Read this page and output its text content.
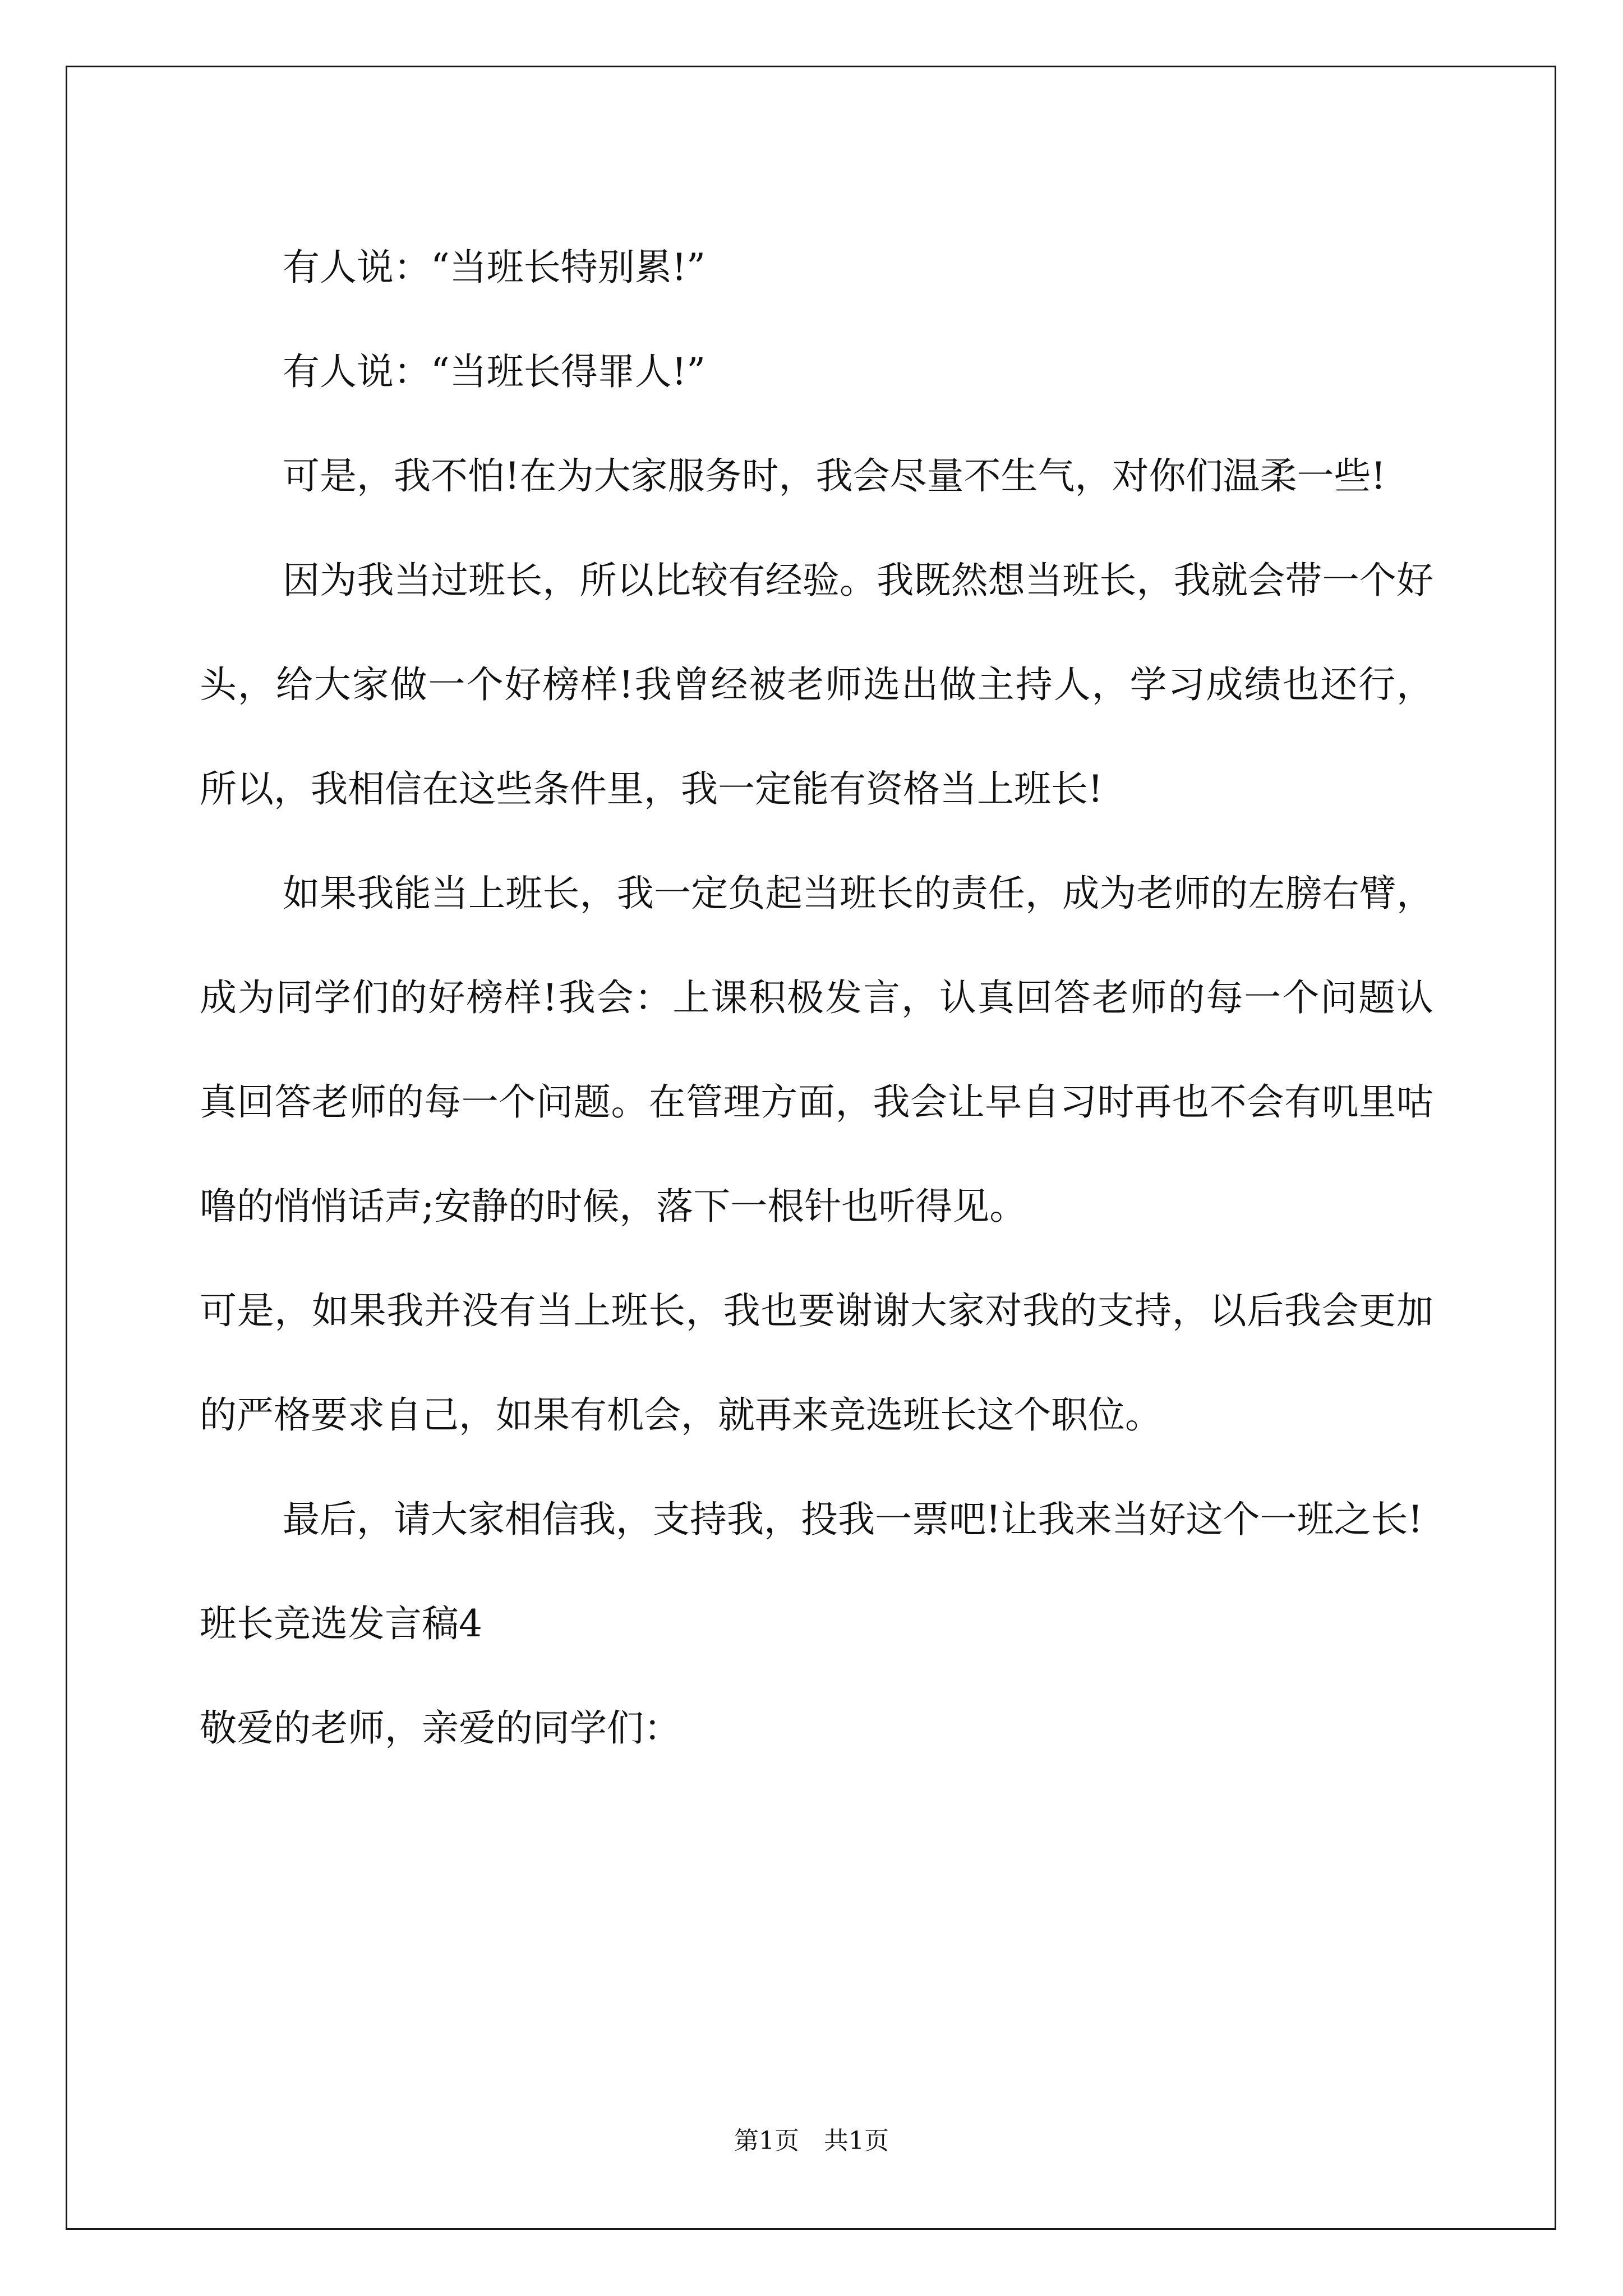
有人说：“当班长特别累!”

有人说：“当班长得罪人!”

可是，我不怕!在为大家服务时，我会尽量不生气，对你们温柔一些!

因为我当过班长，所以比较有经验。我既然想当班长，我就会带一个好头，给大家做一个好榜样!我曾经被老师选出做主持人，学习成绩也还行，所以，我相信在这些条件里，我一定能有资格当上班长!

如果我能当上班长，我一定负起当班长的责任，成为老师的左膀右臂，成为同学们的好榜样!我会：上课积极发言，认真回答老师的每一个问题认真回答老师的每一个问题。在管理方面，我会让早自习时再也不会有叽里咕噜的悄悄话声;安静的时候，落下一根针也听得见。

可是，如果我并没有当上班长，我也要谢谢大家对我的支持，以后我会更加的严格要求自己，如果有机会，就再来竞选班长这个职位。

最后，请大家相信我，支持我，投我一票吧!让我来当好这个一班之长!

班长竞选发言稿4

敬爱的老师，亲爱的同学们：

第1页　共1页
